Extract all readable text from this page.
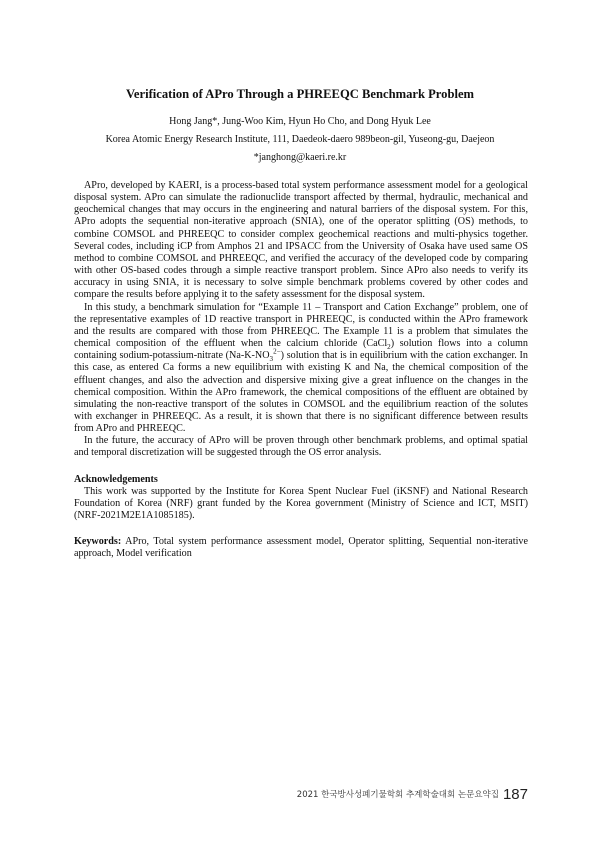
Verification of APro Through a PHREEQC Benchmark Problem
Hong Jang*, Jung-Woo Kim, Hyun Ho Cho, and Dong Hyuk Lee
Korea Atomic Energy Research Institute, 111, Daedeok-daero 989beon-gil, Yuseong-gu, Daejeon
*janghong@kaeri.re.kr

APro, developed by KAERI, is a process-based total system performance assessment model for a geological disposal system. APro can simulate the radionuclide transport affected by thermal, hydraulic, mechanical and geochemical changes that may occurs in the engineering and natural barriers of the disposal system. For this, APro adopts the sequential non-iterative approach (SNIA), one of the operator splitting (OS) methods, to combine COMSOL and PHREEQC to consider complex geochemical reactions and multi-physics together. Several codes, including iCP from Amphos 21 and IPSACC from the University of Osaka have used same OS method to combine COMSOL and PHREEQC, and verified the accuracy of the developed code by comparing with other OS-based codes through a simple reactive transport problem. Since APro also needs to verify its accuracy in using SNIA, it is necessary to solve simple benchmark problems covered by other codes and compare the results before applying it to the safety assessment for the disposal system.

In this study, a benchmark simulation for “Example 11 – Transport and Cation Exchange” problem, one of the representative examples of 1D reactive transport in PHREEQC, is conducted within the APro framework and the results are compared with those from PHREEQC. The Example 11 is a problem that simulates the chemical composition of the effluent when the calcium chloride (CaCl$_2$) solution flows into a column containing sodium-potassium-nitrate $(Na-K-NO_3^{2-})$ solution that is in equilibrium with the cation exchanger. In this case, as entered Ca forms a new equilibrium with existing K and Na, the chemical composition of the effluent changes, and also the advection and dispersive mixing give a great influence on the changes in the chemical composition. Within the APro framework, the chemical compositions of the effluent are obtained by simulating the non-reactive transport of the solutes in COMSOL and the equilibrium reaction of the solutes with exchanger in PHREEQC. As a result, it is shown that there is no significant difference between results from APro and PHREEQC.

In the future, the accuracy of APro will be proven through other benchmark problems, and optimal spatial and temporal discretization will be suggested through the OS error analysis.

Acknowledgements

This work was supported by the Institute for Korea Spent Nuclear Fuel (iKSNF) and National Research Foundation of Korea (NRF) grant funded by the Korea government (Ministry of Science and ICT, MSIT) (NRF-2021M2E1A1085185).

Keywords: APro, Total system performance assessment model, Operator splitting, Sequential non-iterative approach, Model verification

2021 한국방사성폐기물학회 추계학술대회 논문요약집 187
